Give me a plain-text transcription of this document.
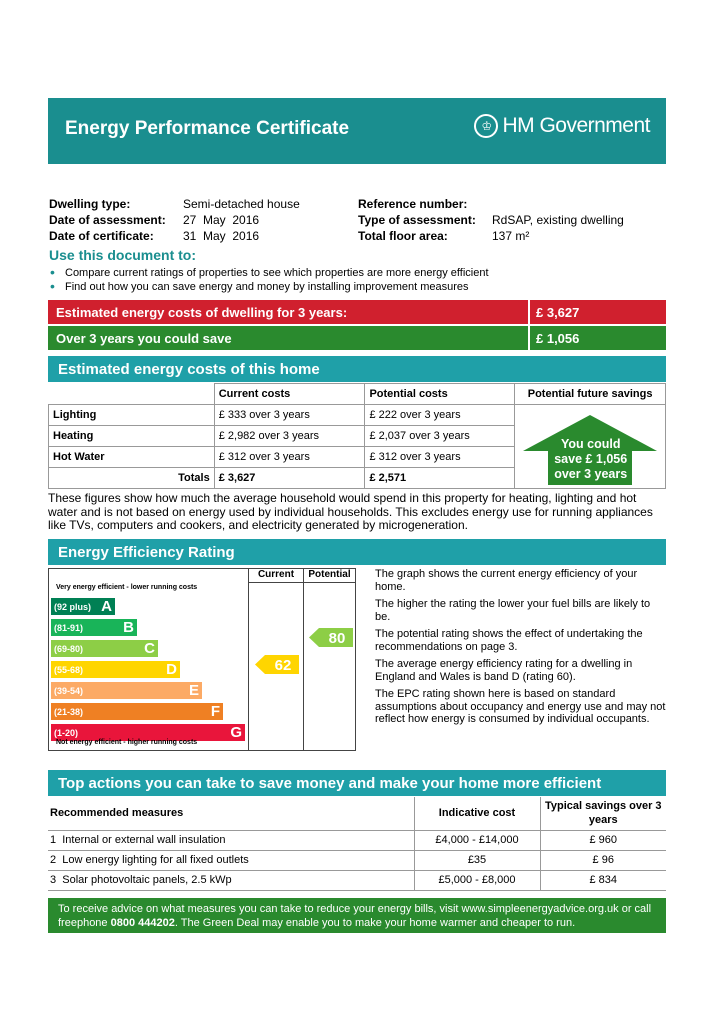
Energy Performance Certificate	♔ HM Government
Dwelling type:	Semi-detached house
Date of assessment:	27  May  2016
Date of certificate:	31  May  2016
Reference number:
Type of assessment:	RdSAP, existing dwelling
Total floor area:	137 m²
Use this document to:
• Compare current ratings of properties to see which properties are more energy efficient
• Find out how you can save energy and money by installing improvement measures
Estimated energy costs of dwelling for 3 years:	£ 3,627
Over 3 years you could save	£ 1,056
Estimated energy costs of this home
	Current costs	Potential costs	Potential future savings
Lighting	£ 333 over 3 years	£ 222 over 3 years	You could
save £ 1,056
over 3 years

Heating	£ 2,982 over 3 years	£ 2,037 over 3 years	
Hot Water	£ 312 over 3 years	£ 312 over 3 years	
Totals	£ 3,627	£ 2,571	
These figures show how much the average household would spend in this property for heating, lighting and hot water and is not based on energy used by individual households. This excludes energy use for running appliances like TVs, computers and cookers, and electricity generated by microgeneration.
Energy Efficiency Rating
Very energy efficient - lower running costs
(92 plus) A
(81-91)	B
(69-80)	C
(55-68)	D
(39-54)	E
(21-38)	F
(1-20)	G
Not energy efficient - higher running costs
Current
62
Potential
80

The graph shows the current energy efficiency of your home.

The higher the rating the lower your fuel bills are likely to be.

The potential rating shows the effect of undertaking the recommendations on page 3.

The average energy efficiency rating for a dwelling in England and Wales is band D (rating 60).

The EPC rating shown here is based on standard assumptions about occupancy and energy use and may not reflect how energy is consumed by individual occupants.

Top actions you can take to save money and make your home more efficient
Recommended measures	Indicative cost	Typical savings over 3 years
1 Internal or external wall insulation	£4,000 - £14,000	£ 960
2 Low energy lighting for all fixed outlets	£35	£ 96
3 Solar photovoltaic panels, 2.5 kWp	£5,000 - £8,000	£ 834
To receive advice on what measures you can take to reduce your energy bills, visit www.simpleenergyadvice.org.uk or call freephone 0800 444202. The Green Deal may enable you to make your home warmer and cheaper to run.
